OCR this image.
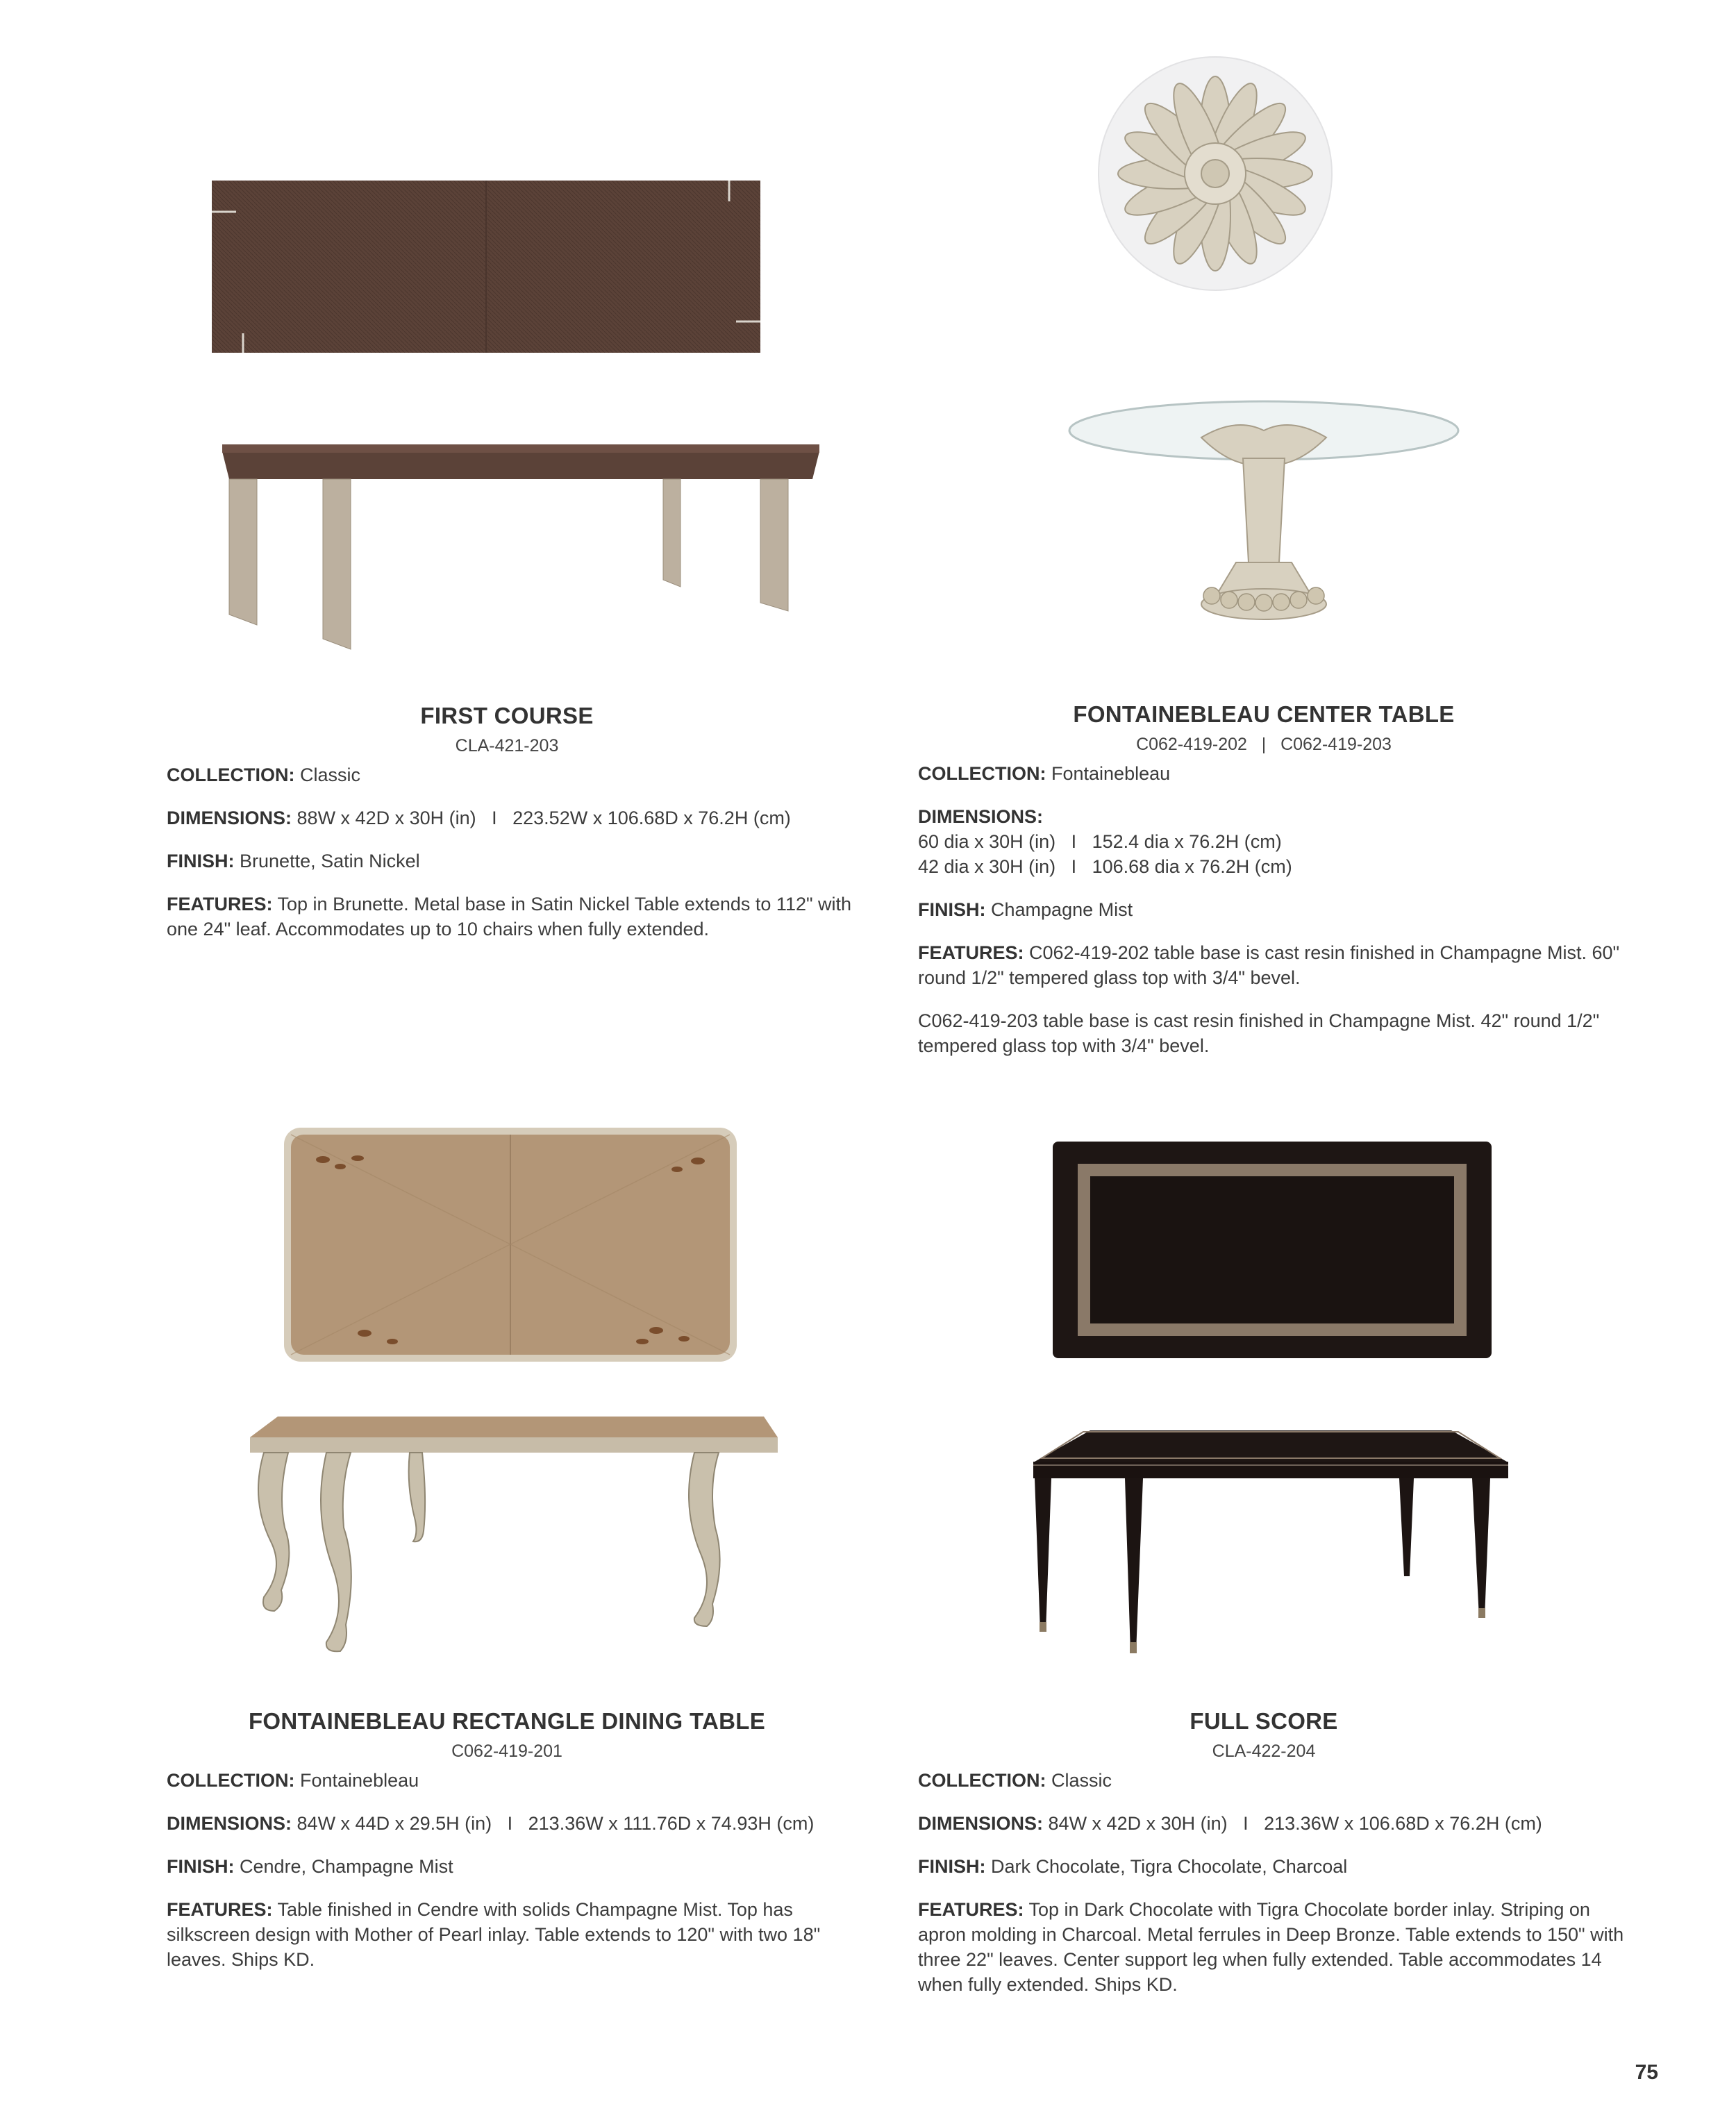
FIRST COURSE
CLA-421-203

COLLECTION: Classic

DIMENSIONS: 88W x 42D x 30H (in)   I   223.52W x 106.68D x 76.2H (cm)

FINISH: Brunette, Satin Nickel

FEATURES: Top in Brunette. Metal base in Satin Nickel Table extends to 112" with one 24" leaf. Accommodates up to 10 chairs when fully extended.

FONTAINEBLEAU CENTER TABLE
C062-419-202   |   C062-419-203

COLLECTION: Fontainebleau

DIMENSIONS:

60 dia x 30H (in)   I   152.4 dia x 76.2H (cm)

42 dia x 30H (in)   I   106.68 dia x 76.2H (cm)

FINISH: Champagne Mist

FEATURES: C062-419-202 table base is cast resin finished in Champagne Mist. 60" round 1/2" tempered glass top with 3/4" bevel.

C062-419-203 table base is cast resin finished in Champagne Mist. 42" round 1/2" tempered glass top with 3/4" bevel.

FONTAINEBLEAU RECTANGLE DINING TABLE
C062-419-201

COLLECTION: Fontainebleau

DIMENSIONS: 84W x 44D x 29.5H (in)   I   213.36W x 111.76D x 74.93H (cm)

FINISH: Cendre, Champagne Mist

FEATURES: Table finished in Cendre with solids Champagne Mist. Top has silkscreen design with Mother of Pearl inlay. Table extends to 120" with two 18" leaves. Ships KD.

FULL SCORE
CLA-422-204

COLLECTION: Classic

DIMENSIONS: 84W x 42D x 30H (in)   I   213.36W x 106.68D x 76.2H (cm)

FINISH: Dark Chocolate, Tigra Chocolate, Charcoal

FEATURES: Top in Dark Chocolate with Tigra Chocolate border inlay. Striping on apron molding in Charcoal. Metal ferrules in Deep Bronze. Table extends to 150" with three 22" leaves. Center support leg when fully extended. Table accommodates 14 when fully extended. Ships KD.

75
